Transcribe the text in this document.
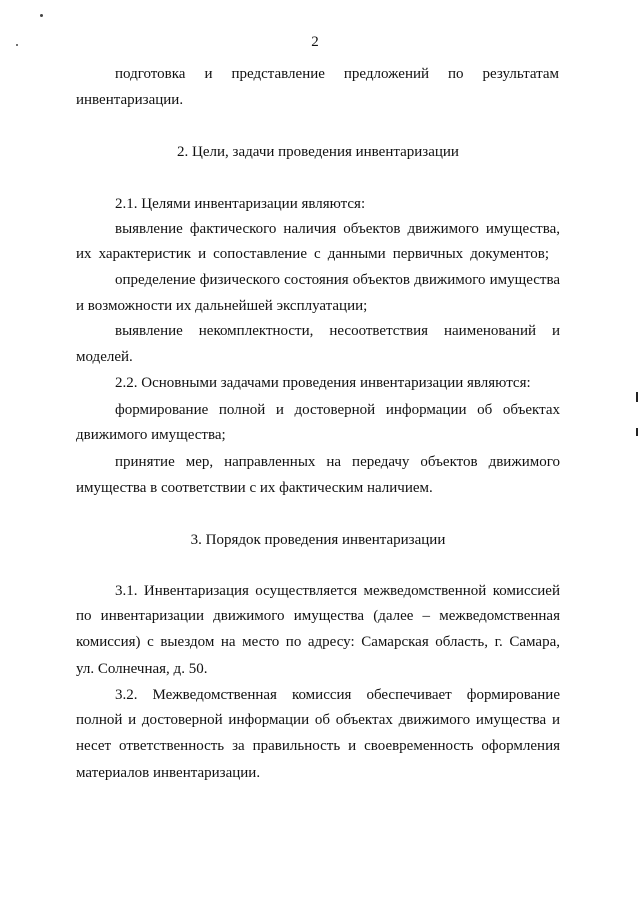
2
подготовка и представление предложений по результатам
инвентаризации.
2. Цели, задачи проведения инвентаризации
2.1. Целями инвентаризации являются:
выявление фактического наличия объектов движимого имущества,
их характеристик и сопоставление с данными первичных документов;
определение физического состояния объектов движимого имущества
и возможности их дальнейшей эксплуатации;
выявление некомплектности, несоответствия наименований и
моделей.
2.2. Основными задачами проведения инвентаризации являются:
формирование полной и достоверной информации об объектах
движимого имущества;
принятие мер, направленных на передачу объектов движимого
имущества в соответствии с их фактическим наличием.
3. Порядок проведения инвентаризации
3.1. Инвентаризация осуществляется межведомственной комиссией
по инвентаризации движимого имущества (далее – межведомственная
комиссия) с выездом на место по адресу: Самарская область, г. Самара,
ул. Солнечная, д. 50.
3.2. Межведомственная комиссия обеспечивает формирование
полной и достоверной информации об объектах движимого имущества и
несет ответственность за правильность и своевременность оформления
материалов инвентаризации.
